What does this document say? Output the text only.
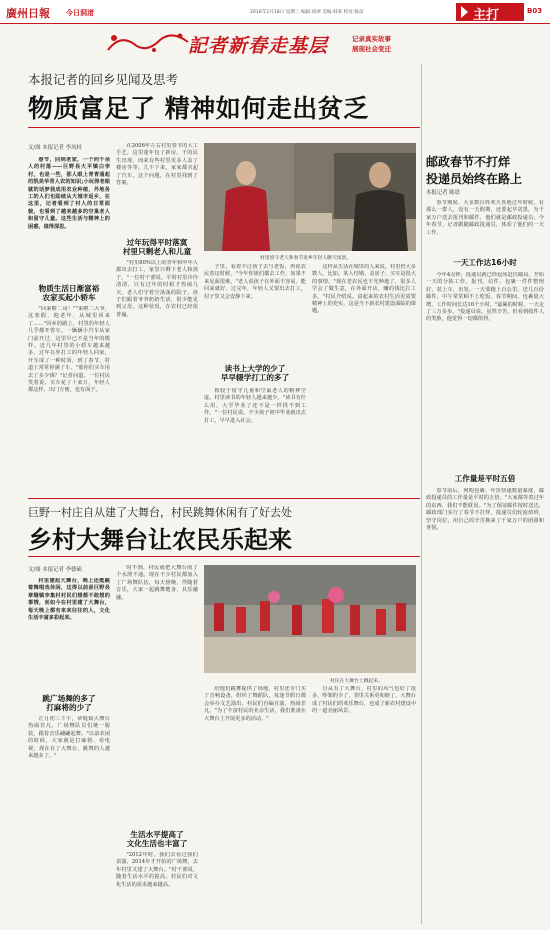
廣州日報 今日洞渚	2016年2月18日 星期三 编辑:胡翠 美编:韩莱 校对:陈彦	主打	B03
記者新春走基层	记录真实故事
展现社会变迁
本报记者的回乡见闻及思考
物质富足了 精神如何走出贫乏
文/图 本报记者 李凤权

春节，回到老家，一个同千余人的村落——巨野县大平镇白李村，也是一些，那人眼上青青涌起的凯美华背人农的知识;小玩得老眼就的话梦我成用农业种植，外地务工的人们也陆续从大城市返乡，在这里，记者看到了村人的日常面貌，也看到了越来越多的空巢老人和留守儿童。这些生活与精神上的困惑，值得深思。

物质生活日渐富裕
农家买起小轿车

"回来啦二哥！""来啦二大爷，这寒假，他老年，从城里回来了……"回乡的路上，村里的年轻人几乎都开着车。一辆辆小汽车从家门前开过，这里早已不是当年的模样。近几年村里的小轿车越来越多，过年在外打工的年轻人回家，开车成了一种时尚，到了春节，村道上常常停满了车。"那你们买车用去了多少钱？"记者问道。一位村民笑着说，买车花了十来万，年轻人都这样，出门方便，也有面子。

在2006年左右村里春节的大工手艺，这里逢年包了新房。千的民生出现，而来有些村里更多人盖了楼房等等。儿不下来，家家都买起了汽车。这个问题，在村里找到了答案。

过年玩得平时落寞
村里只剩老人和儿童

"村里80%以上的青年和中年人都出去打工，家里只剩下老人和孩子。"一位村干部说。平时村里冷冷清清，只有过年的时候才热闹几天。老人们守着空荡荡的院子，孩子们跟着爷爷奶奶生活，很少能见到父母。这种状况，在农村已经很普遍。

村里留守老人和春节返乡年轻人聊天场景。

子里，看着不过孩子去与老饭，再说农民着这时候，"今年你姐们都去工作，如果不来见面很难。"老人说孩子在外面不容易，能回来就好。过完年，年轻人又要出去打工，村子里又会安静下来。

读书上大学的少了
早早辍学打工的多了

相较于留守儿童和空巢老人的精神空虚，村里读书的年轻人越来越少。"读书有什么用，大学毕业了还不是一样找不到工作。"一位村民说。不少孩子初中毕业就出去打工，早早进入社会。

这样从生活在城里的人来说，村里仍大多数人。比如，某人结婚、盖房子、买车是很大的事情。"现在老农民也不光种地了，很多人学会了做生意，在外面开店，赚的钱比打工多。"村民介绍说。富起来的农村生活更需要精神上的充实，这是当下新农村建设面临的课题。

邮政春节不打烊
投递员始终在路上
本报记者 陈晨

春节期间，大多数百姓欢天喜地过年时候，有那么一群人，没有一天假期，还要起早贪黑，为千家万户送去报刊和邮件，他们就是邮政投递员。今年春节，记者跟随邮政投递员，体验了他们的一天工作。

一天工作达16小时

今年4点钟，投递员就已经起床赶往邮局，开始一天的分拣工作。报刊、信件、包裹一件件整理好，装上车，出发。一天要跑上百公里，送几百份邮件，中午常常顾不上吃饭。春节期间，包裹量大增，工作时间长达16个小时。"最累的时候，一天走了三万多步。"投递员说。虽然辛苦，但看到收件人的笑脸，他觉得一切都值得。

工作量是平时五倍

春节前后，网购包裹、年货快递数量暴涨，邮政投递员的工作量是平时的五倍。"大家都等着过年的东西，我们不能耽误。"为了保证邮件按时送达，邮政部门实行了春节不打烊，投递员们轮流值班，坚守岗位，用自己的辛苦换来了千家万户的团圆和喜悦。

巨野一村庄自从建了大舞台，村民跳舞休闲有了好去处
乡村大舞台让农民乐起来
文/图 本报记者 李德硕

村里建起大舞台，晚上还能跳着舞唱戏休闲，这得以前是巨野县章缝镇李集村村民们想都不敢想的事情，而如今在村里建了大舞台，每天晚上都有来来往往的人，文化生活丰富多彩起来。

跳广场舞的多了
打麻将的少了

正月初三下午，章缝镇大舞台热闹非凡，广场舞队员们统一服装，跟着音乐翩翩起舞。"以前农闲的时候，大家就是打麻将、看电视，现在有了大舞台，跳舞的人越来越多了。"

时不到，村民就把大舞台围了个水泄不通。现在不少村民都加入了广场舞队伍，每天傍晚，伴随着音乐，大家一起跳舞健身，其乐融融。

生活水平提高了
文化生活也丰富了

"2012年时，我们去看过我们表演，2014年才开始的广场舞，去年村里又建了大舞台。"村干部说，随着生活水平的提高，村民们对文化生活的需求越来越高。

村民在大舞台上跳起来。

给他们跳舞提供了场地。村里还专门买了音响设备，组织了舞蹈队，每逢节假日都会举办文艺演出，村民们自编自演，热闹非凡。"为了丰富村民的业余生活，我们准备在大舞台上开展更多的活动。"

自从有了大舞台，村里的风气也好了很多，吵架的少了，邻里关系更和睦了。大舞台成了村民们的欢乐舞台，也成了新农村建设中的一道亮丽风景。
